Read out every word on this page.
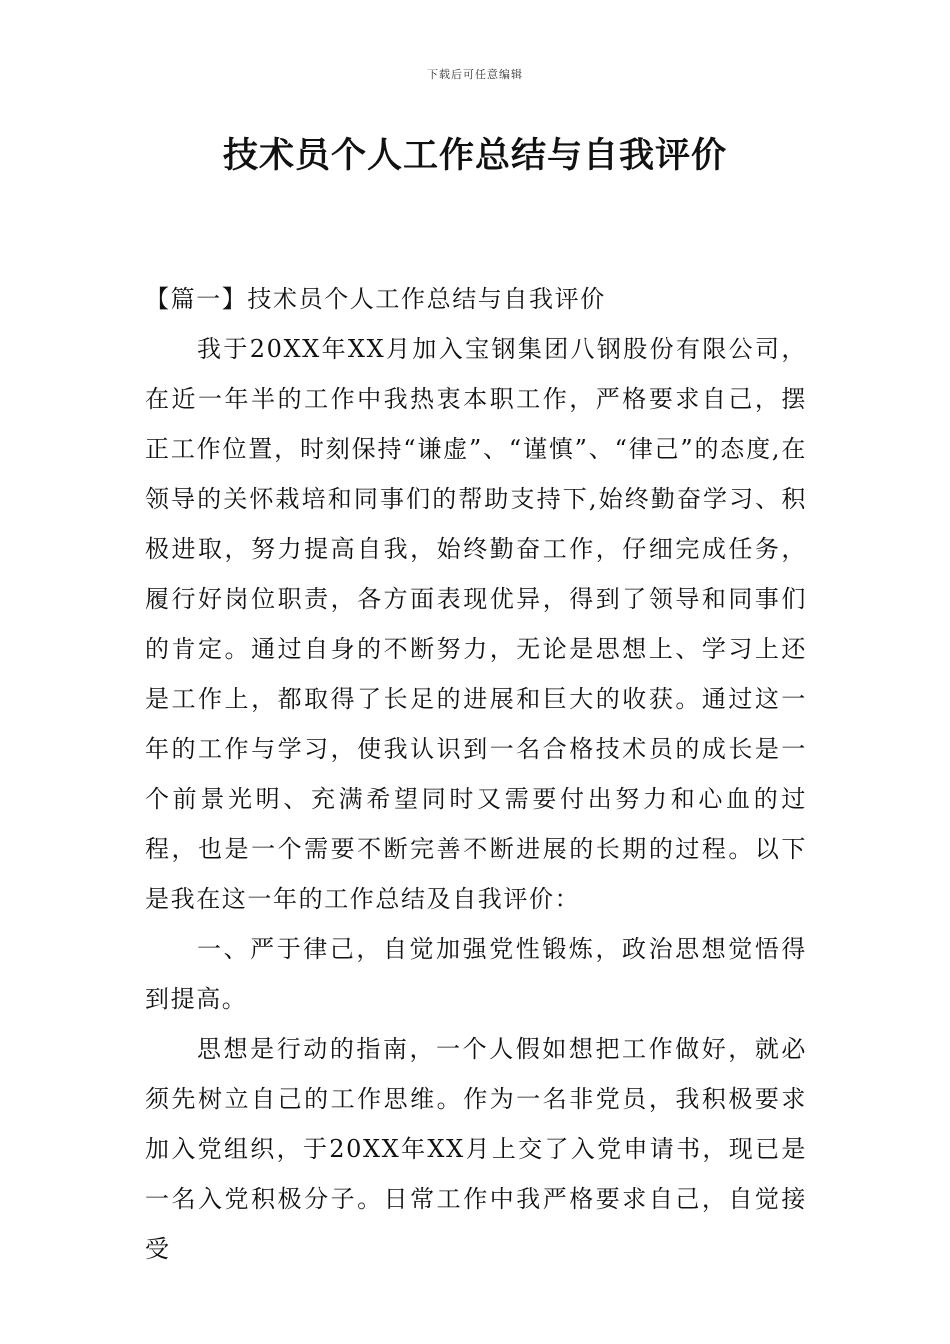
下载后可任意编辑
技术员个人工作总结与自我评价

【篇一】技术员个人工作总结与自我评价

我于20XX年XX月加入宝钢集团八钢股份有限公司，在近一年半的工作中我热衷本职工作，严格要求自己，摆正工作位置，时刻保持“谦虚”、“谨慎”、“律己”的态度,在领导的关怀栽培和同事们的帮助支持下,始终勤奋学习、积极进取，努力提高自我，始终勤奋工作，仔细完成任务，履行好岗位职责，各方面表现优异，得到了领导和同事们的肯定。通过自身的不断努力，无论是思想上、学习上还是工作上，都取得了长足的进展和巨大的收获。通过这一年的工作与学习，使我认识到一名合格技术员的成长是一个前景光明、充满希望同时又需要付出努力和心血的过程，也是一个需要不断完善不断进展的长期的过程。以下是我在这一年的工作总结及自我评价：

一、严于律己，自觉加强党性锻炼，政治思想觉悟得到提高。

思想是行动的指南，一个人假如想把工作做好，就必须先树立自己的工作思维。作为一名非党员，我积极要求加入党组织，于20XX年XX月上交了入党申请书，现已是一名入党积极分子。日常工作中我严格要求自己，自觉接受
